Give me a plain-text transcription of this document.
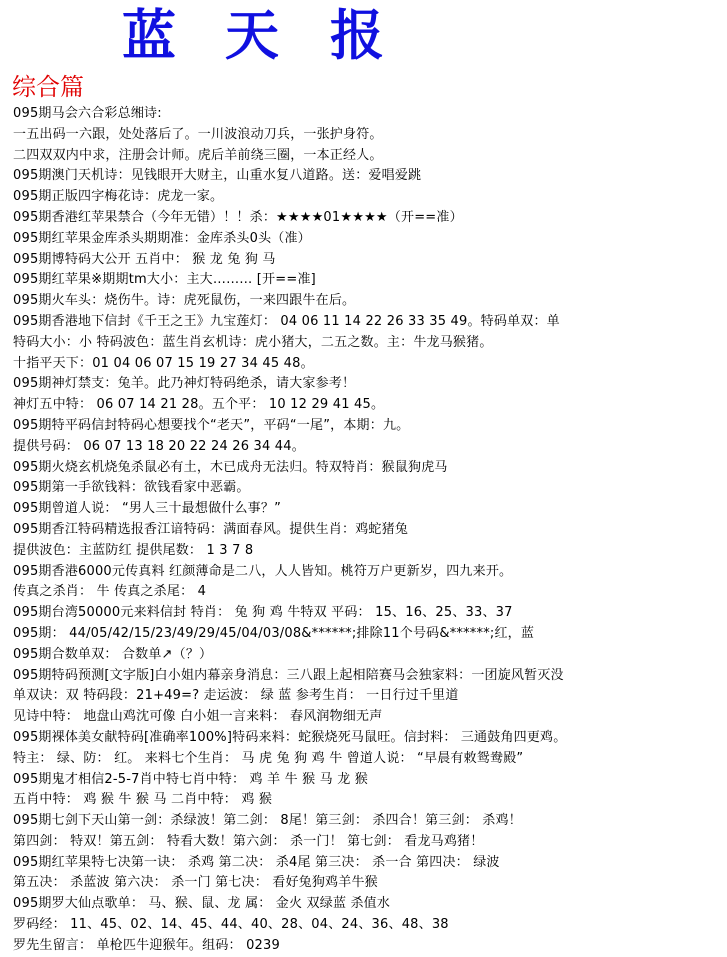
蓝 天 报
综合篇
095期马会六合彩总缃诗:
一五出码一六跟，处处落后了。一川波浪动刀兵，一张护身符。
二四双双内中求，注册会计师。虎后羊前绕三圈，一本正经人。
095期澳门天机诗：见钱眼开大财主，山重水复八道路。送：爱唱爱跳
095期正版四字梅花诗：虎龙一家。
095期香港红苹果禁合（今年无错）！！杀：★★★★01★★★★（开==准）
095期红苹果金库杀头期期准：金库杀头0头（准）
095期博特码大公开 五肖中： 猴 龙 兔 狗 马
095期红苹果※期期tm大小：主大……… [开==准]
095期火车头：烧伤牛。诗：虎死鼠伤，一来四跟牛在后。
095期香港地下信封《千王之王》九宝莲灯： 04 06 11 14 22 26 33 35 49。特码单双：单
特码大小：小 特码波色：蓝生肖玄机诗：虎小猪大，二五之数。主：牛龙马猴猪。
十指平天下：01 04 06 07 15 19 27 34 45 48。
095期神灯禁支：兔羊。此乃神灯特码绝杀，请大家参考！
神灯五中特： 06 07 14 21 28。五个平： 10 12 29 41 45。
095期特平码信封特码心想要找个“老天”，平码“一尾”，本期：九。
提供号码： 06 07 13 18 20 22 24 26 34 44。
095期火烧玄机烧兔杀鼠必有土，木已成舟无法归。特双特肖：猴鼠狗虎马
095期第一手欲钱料：欲钱看家中恶霸。
095期曾道人说： “男人三十最想做什么事？”
095期香江特码精选报香江谙特码：满面春风。提供生肖：鸡蛇猪兔
提供波色：主蓝防红 提供尾数： 1 3 7 8
095期香港6000元传真料 红颜薄命是二八，人人皆知。桃符万户更新岁，四九来开。
传真之杀肖： 牛 传真之杀尾： 4
095期台湾50000元来料信封 特肖： 兔 狗 鸡 牛特双 平码： 15、16、25、33、37
095期： 44/05/42/15/23/49/29/45/04/03/08&******;排除11个号码&******;红，蓝
095期合数单双： 合数单↗（？）
095期特码预测[文字版]白小姐内幕亲身消息：三八跟上起相陪赛马会独家料：一团旋风暂灭没
单双诀：双 特码段：21+49=? 走运波： 绿 蓝 参考生肖： 一日行过千里道
见诗中特： 地盘山鸡沈可像 白小姐一言来料： 春风润物细无声
095期裸体美女献特码[准确率100%]特码来料：蛇猴烧死马鼠旺。信封料： 三通鼓角四更鸡。
特主： 绿、防： 红。 来料七个生肖： 马 虎 兔 狗 鸡 牛 曾道人说： “早晨有敕鸳鸯殿”
095期鬼才相信2-5-7肖中特七肖中特： 鸡 羊 牛 猴 马 龙 猴
五肖中特： 鸡 猴 牛 猴 马 二肖中特： 鸡 猴
095期七剑下天山第一剑：杀绿波！第二剑： 8尾！第三剑： 杀四合！第三剑： 杀鸡！
第四剑： 特双！第五剑： 特看大数！第六剑： 杀一门！ 第七剑： 看龙马鸡猪！
095期红苹果特七决第一诀： 杀鸡 第二决： 杀4尾 第三决： 杀一合 第四决： 绿波
第五决： 杀蓝波 第六决： 杀一门 第七决： 看好兔狗鸡羊牛猴
095期罗大仙点歌单： 马、猴、鼠、龙 属： 金火 双绿蓝 杀值水
罗码经： 11、45、02、14、45、44、40、28、04、24、36、48、38
罗先生留言： 单枪匹牛迎猴年。组码： 0239
